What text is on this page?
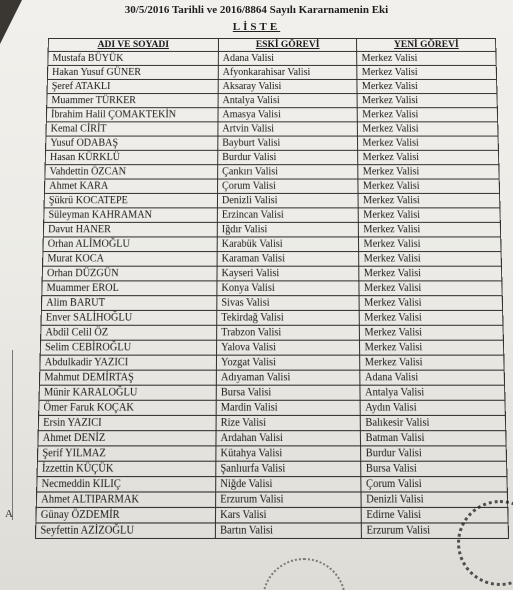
30/5/2016 Tarihli ve 2016/8864 Sayılı Kararnamenin Eki
LİSTE
ADI VE SOYADI	ESKİ GÖREVİ	YENİ GÖREVİ
Mustafa BÜYÜK	Adana Valisi	Merkez Valisi
Hakan Yusuf GÜNER	Afyonkarahisar Valisi	Merkez Valisi
Şeref ATAKLI	Aksaray Valisi	Merkez Valisi
Muammer TÜRKER	Antalya Valisi	Merkez Valisi
İbrahim Halil ÇOMAKTEKİN	Amasya Valisi	Merkez Valisi
Kemal CİRİT	Artvin Valisi	Merkez Valisi
Yusuf ODABAŞ	Bayburt Valisi	Merkez Valisi
Hasan KÜRKLÜ	Burdur Valisi	Merkez Valisi
Vahdettin ÖZCAN	Çankırı Valisi	Merkez Valisi
Ahmet KARA	Çorum Valisi	Merkez Valisi
Şükrü KOCATEPE	Denizli Valisi	Merkez Valisi
Süleyman KAHRAMAN	Erzincan Valisi	Merkez Valisi
Davut HANER	Iğdır Valisi	Merkez Valisi
Orhan ALİMOĞLU	Karabük Valisi	Merkez Valisi
Murat KOCA	Karaman Valisi	Merkez Valisi
Orhan DÜZGÜN	Kayseri Valisi	Merkez Valisi
Muammer EROL	Konya Valisi	Merkez Valisi
Alim BARUT	Sivas Valisi	Merkez Valisi
Enver SALİHOĞLU	Tekirdağ Valisi	Merkez Valisi
Abdil Celil ÖZ	Trabzon Valisi	Merkez Valisi
Selim CEBİROĞLU	Yalova Valisi	Merkez Valisi
Abdulkadir YAZICI	Yozgat Valisi	Merkez Valisi
Mahmut DEMİRTAŞ	Adıyaman Valisi	Adana Valisi
Münir KARALOĞLU	Bursa Valisi	Antalya Valisi
Ömer Faruk KOÇAK	Mardin Valisi	Aydın Valisi
Ersin YAZICI	Rize Valisi	Balıkesir Valisi
Ahmet DENİZ	Ardahan Valisi	Batman Valisi
Şerif YILMAZ	Kütahya Valisi	Burdur Valisi
İzzettin KÜÇÜK	Şanlıurfa Valisi	Bursa Valisi
Necmeddin KILIÇ	Niğde Valisi	Çorum Valisi
Ahmet ALTIPARMAK	Erzurum Valisi	Denizli Valisi
Günay ÖZDEMİR	Kars Valisi	Edirne Valisi
Seyfettin AZİZOĞLU	Bartın Valisi	Erzurum Valisi
A
